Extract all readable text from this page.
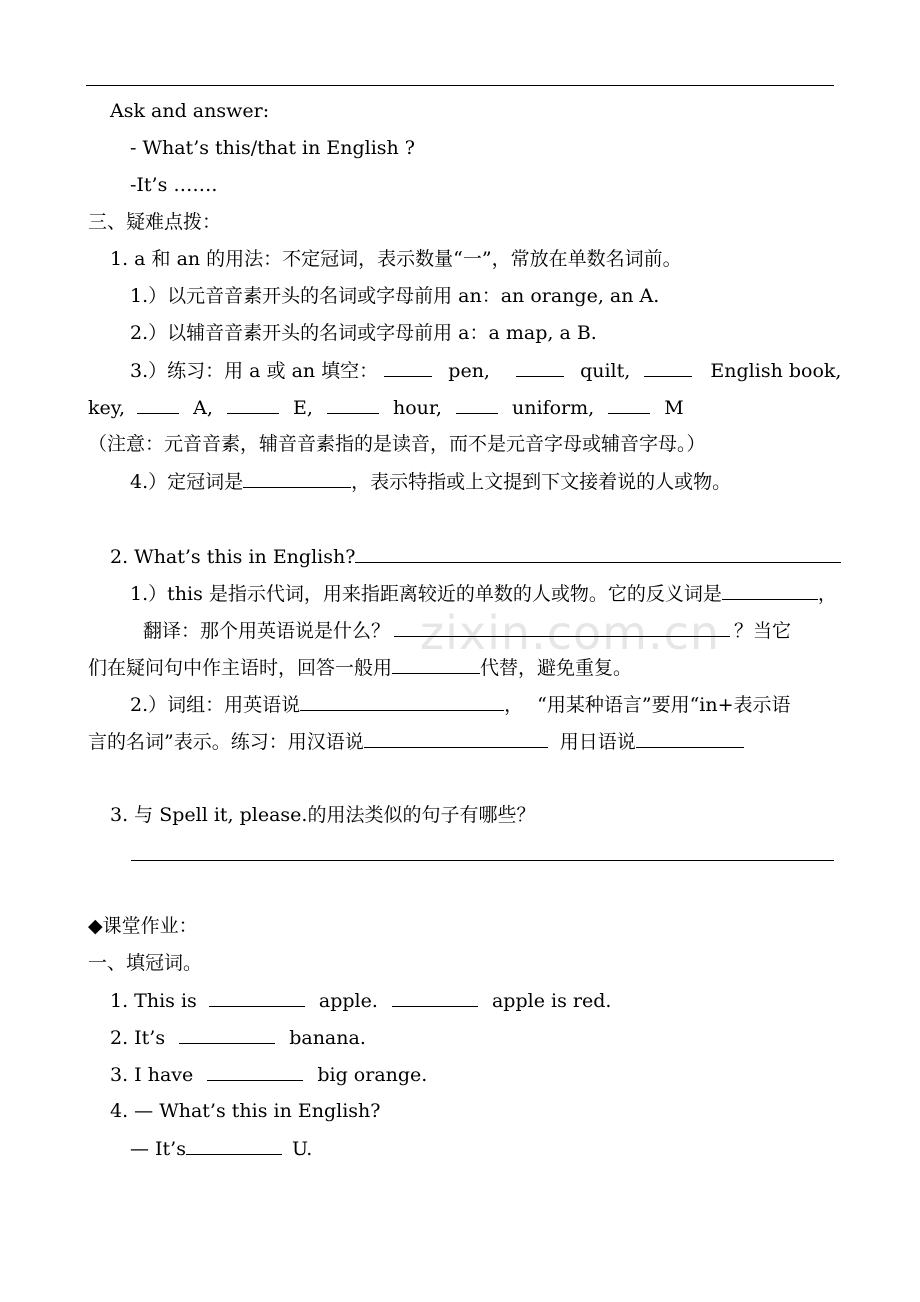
zixin.com.cn
Ask and answer:
- What’s this/that in English ?
-It’s …….
三、疑难点拨：
1. a 和 an 的用法：不定冠词，表示数量“一”，常放在单数名词前。
1.）以元音音素开头的名词或字母前用 an：an orange, an A.
2.）以辅音音素开头的名词或字母前用 a：a map, a B.
3.）练习：用 a 或 an 填空：	pen,	quilt,	English book,
key,	A,	E,	hour,	uniform,	M
（注意：元音音素，辅音音素指的是读音，而不是元音字母或辅音字母。）
4.）定冠词是	，表示特指或上文提到下文接着说的人或物。
2. What’s this in English?
1.）this 是指示代词，用来指距离较近的单数的人或物。它的反义词是	，
翻译：那个用英语说是什么？	？当它
们在疑问句中作主语时，回答一般用	代替，避免重复。
2.）词组：用英语说	， “用某种语言”要用“in+表示语
言的名词”表示。练习：用汉语说	用日语说
3. 与 Spell it, please.的用法类似的句子有哪些？
◆课堂作业：
一、填冠词。
1. This is	apple.	apple is red.
2. It’s	banana.
3. I have	big orange.
4. — What’s this in English?
— It’s	U.
